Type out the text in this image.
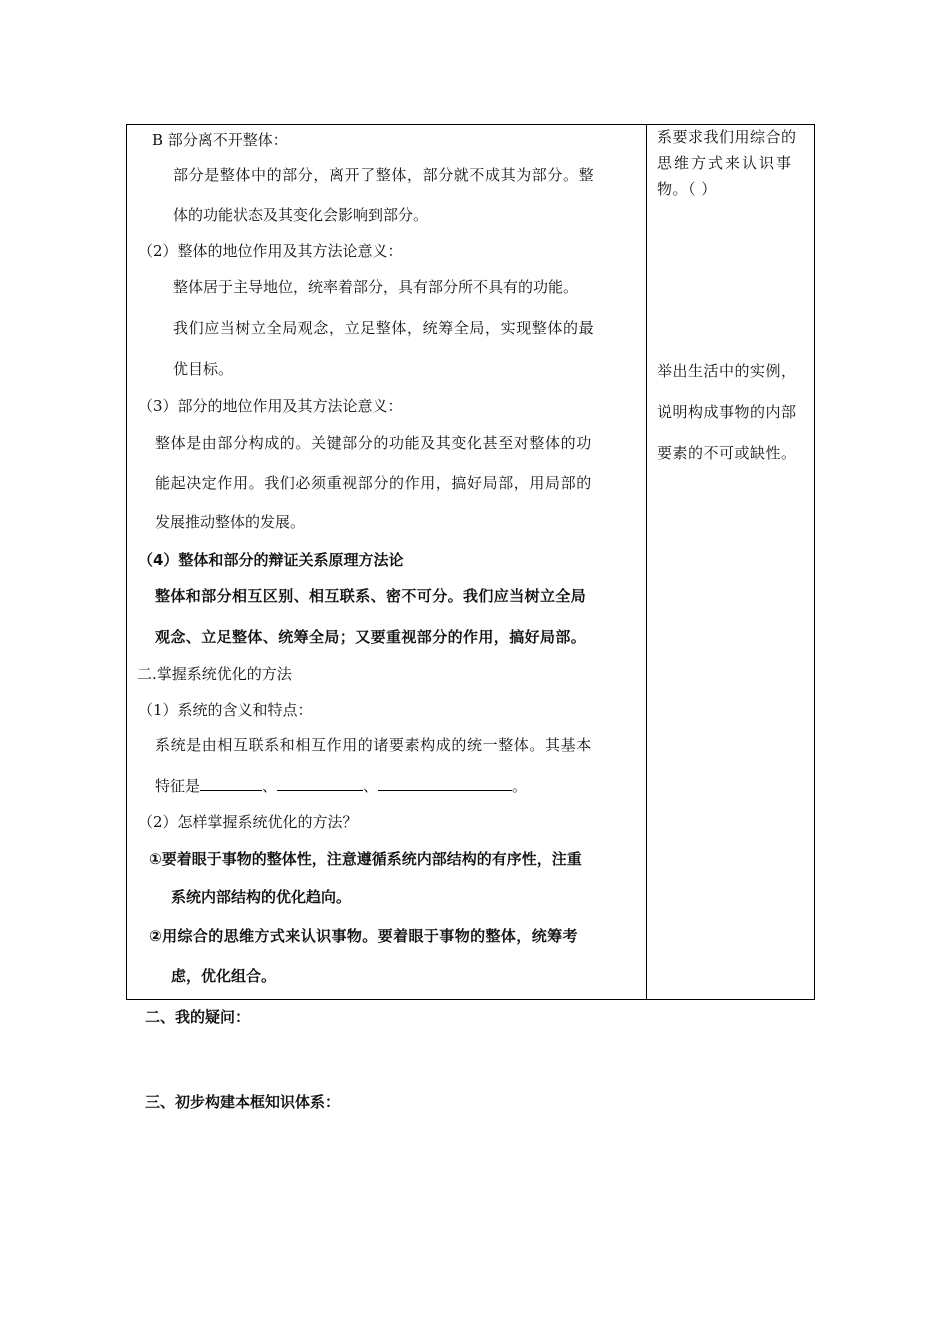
B 部分离不开整体：
部分是整体中的部分，离开了整体，部分就不成其为部分。整
体的功能状态及其变化会影响到部分。
（2）整体的地位作用及其方法论意义：
整体居于主导地位，统率着部分，具有部分所不具有的功能。
我们应当树立全局观念，立足整体，统筹全局，实现整体的最
优目标。
（3）部分的地位作用及其方法论意义：
整体是由部分构成的。关键部分的功能及其变化甚至对整体的功
能起决定作用。我们必须重视部分的作用，搞好局部，用局部的
发展推动整体的发展。
（4）整体和部分的辩证关系原理方法论
整体和部分相互区别、相互联系、密不可分。我们应当树立全局
观念、立足整体、统筹全局；又要重视部分的作用，搞好局部。
二.掌握系统优化的方法
（1）系统的含义和特点：
系统是由相互联系和相互作用的诸要素构成的统一整体。其基本
特征是	、	、	。
（2）怎样掌握系统优化的方法？
①要着眼于事物的整体性，注意遵循系统内部结构的有序性，注重
系统内部结构的优化趋向。
②用综合的思维方式来认识事物。要着眼于事物的整体，统筹考
虑，优化组合。
系要求我们用综合的
思维方式来认识事
物。（ ）
举出生活中的实例，
说明构成事物的内部
要素的不可或缺性。
二、我的疑问：
三、初步构建本框知识体系：
